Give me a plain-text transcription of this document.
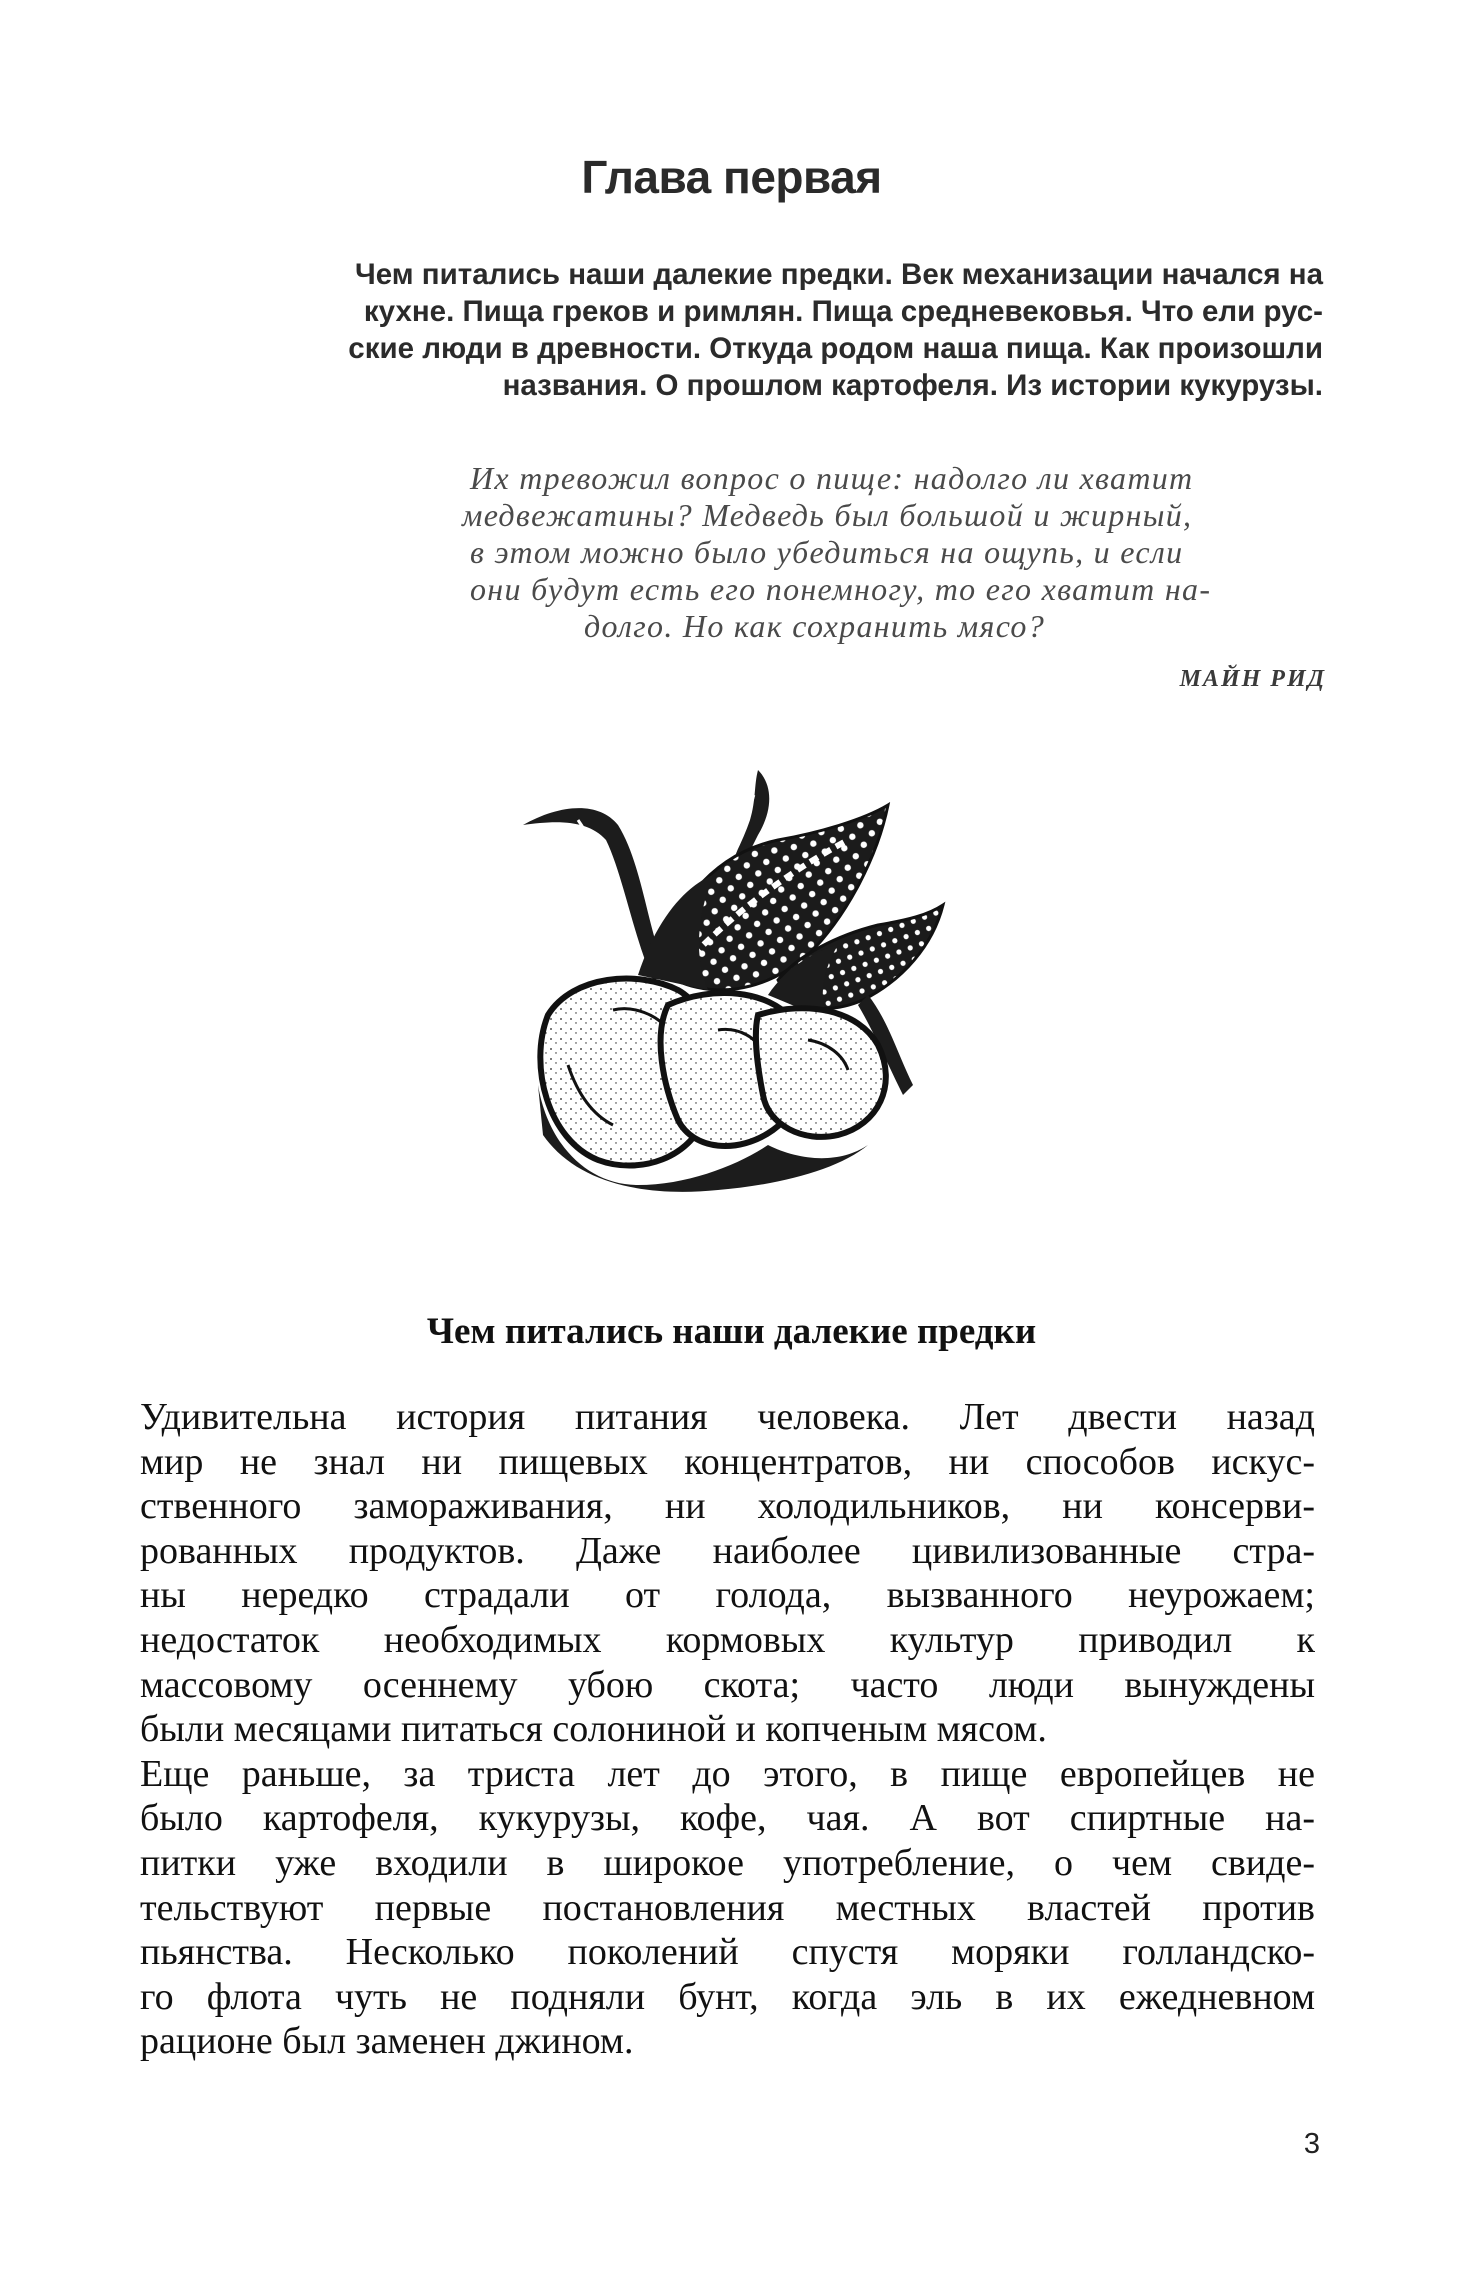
Глава первая
Чем питались наши далекие предки. Век механизации начался на
кухне. Пища греков и римлян. Пища средневековья. Что ели рус-
ские люди в древности. Откуда родом наша пища. Как произошли
названия. О прошлом картофеля. Из истории кукурузы.
Их тревожил вопрос о пище: надолго ли хватит
медвежатины? Медведь был большой и жирный,
в этом можно было убедиться на ощупь, и если
они будут есть его понемногу, то его хватит на-
долго. Но как сохранить мясо?
МАЙН РИД
Чем питались наши далекие предки
Удивительна история питания человека. Лет двести назад
мир не знал ни пищевых концентратов, ни способов искус-
ственного замораживания, ни холодильников, ни консерви-
рованных продуктов. Даже наиболее цивилизованные стра-
ны нередко страдали от голода, вызванного неурожаем;
недостаток необходимых кормовых культур приводил к
массовому осеннему убою скота; часто люди вынуждены
были месяцами питаться солониной и копченым мясом.
Еще раньше, за триста лет до этого, в пище европейцев не
было картофеля, кукурузы, кофе, чая. А вот спиртные на-
питки уже входили в широкое употребление, о чем свиде-
тельствуют первые постановления местных властей против
пьянства. Несколько поколений спустя моряки голландско-
го флота чуть не подняли бунт, когда эль в их ежедневном
рационе был заменен джином.
3
